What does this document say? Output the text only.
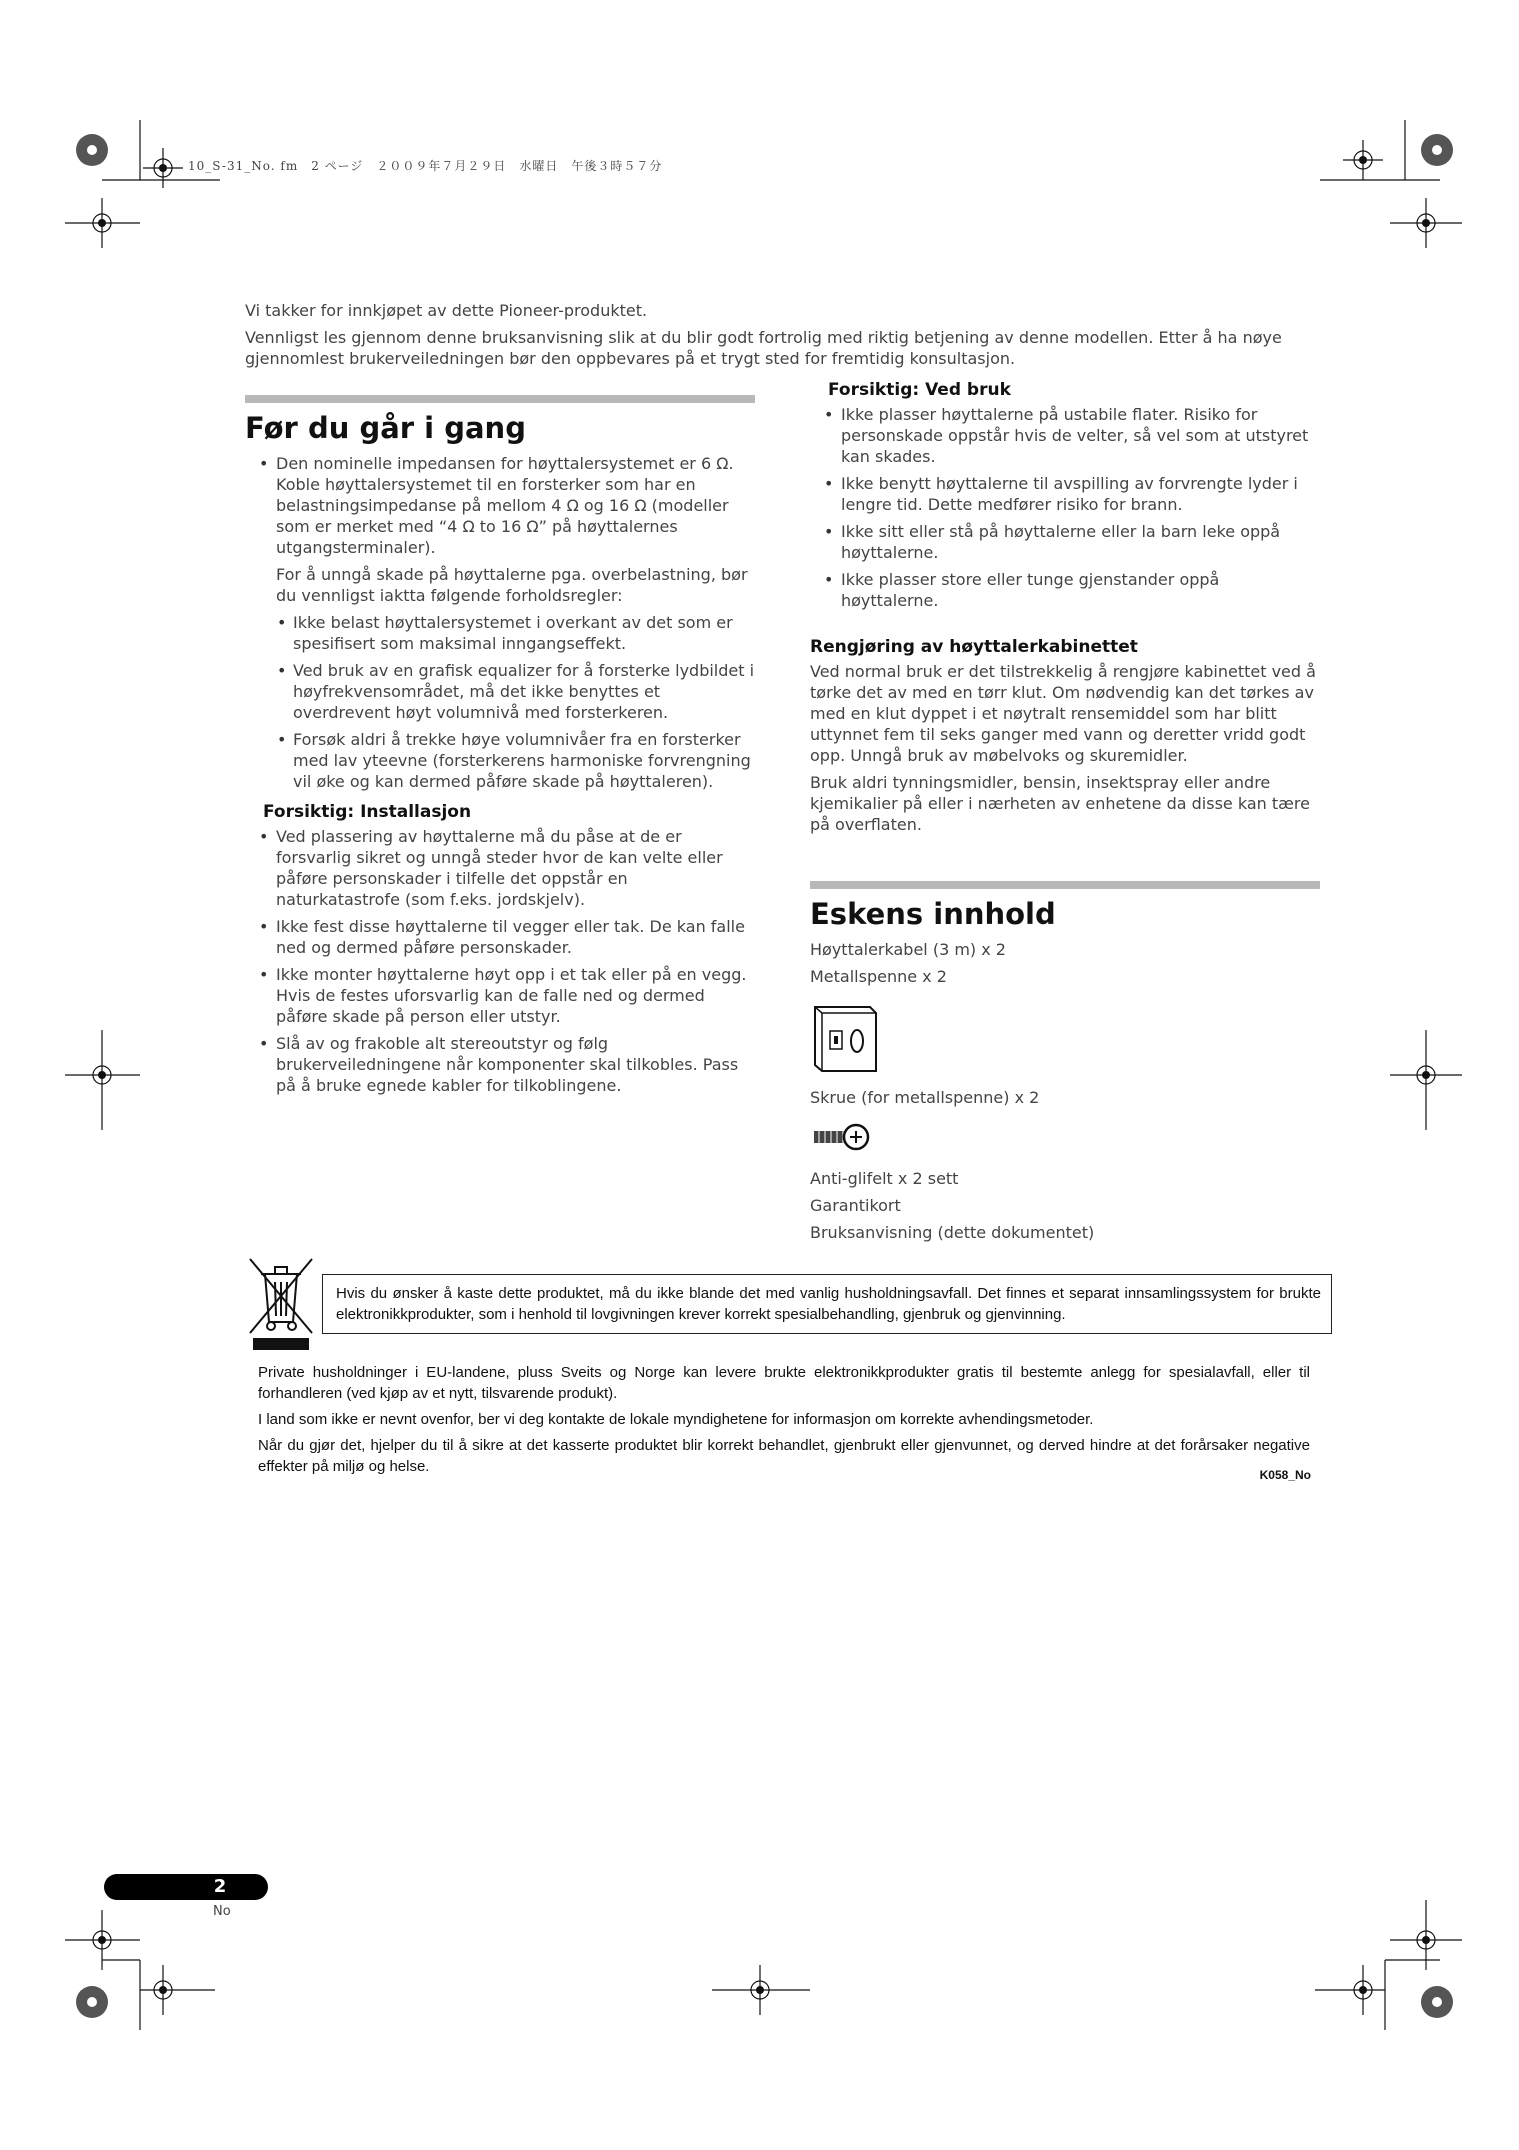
10_S-31_No. fm　2 ページ　２００９年７月２９日　水曜日　午後３時５７分

Vi takker for innkjøpet av dette Pioneer-produktet.

Vennligst les gjennom denne bruksanvisning slik at du blir godt fortrolig med riktig betjening av denne modellen. Etter å ha nøye gjennomlest brukerveiledningen bør den oppbevares på et trygt sted for fremtidig konsultasjon.

Før du går i gang
• Den nominelle impedansen for høyttalersystemet er 6 Ω. Koble høyttalersystemet til en forsterker som har en belastningsimpedanse på mellom 4 Ω og 16 Ω (modeller som er merket med “4 Ω to 16 Ω” på høyttalernes utgangsterminaler).

For å unngå skade på høyttalerne pga. overbelastning, bør du vennligst iaktta følgende forholdsregler:

• Ikke belast høyttalersystemet i overkant av det som er spesifisert som maksimal inngangseffekt.
• Ved bruk av en grafisk equalizer for å forsterke lydbildet i høyfrekvensområdet, må det ikke benyttes et overdrevent høyt volumnivå med forsterkeren.
• Forsøk aldri å trekke høye volumnivåer fra en forsterker med lav yteevne (forsterkerens harmoniske forvrengning vil øke og kan dermed påføre skade på høyttaleren).
Forsiktig: Installasjon
• Ved plassering av høyttalerne må du påse at de er forsvarlig sikret og unngå steder hvor de kan velte eller påføre personskader i tilfelle det oppstår en naturkatastrofe (som f.eks. jordskjelv).
• Ikke fest disse høyttalerne til vegger eller tak. De kan falle ned og dermed påføre personskader.
• Ikke monter høyttalerne høyt opp i et tak eller på en vegg. Hvis de festes uforsvarlig kan de falle ned og dermed påføre skade på person eller utstyr.
• Slå av og frakoble alt stereoutstyr og følg brukerveiledningene når komponenter skal tilkobles. Pass på å bruke egnede kabler for tilkoblingene.
Forsiktig: Ved bruk
• Ikke plasser høyttalerne på ustabile flater. Risiko for personskade oppstår hvis de velter, så vel som at utstyret kan skades.
• Ikke benytt høyttalerne til avspilling av forvrengte lyder i lengre tid. Dette medfører risiko for brann.
• Ikke sitt eller stå på høyttalerne eller la barn leke oppå høyttalerne.
• Ikke plasser store eller tunge gjenstander oppå høyttalerne.
Rengjøring av høyttalerkabinettet

Ved normal bruk er det tilstrekkelig å rengjøre kabinettet ved å tørke det av med en tørr klut. Om nødvendig kan det tørkes av med en klut dyppet i et nøytralt rensemiddel som har blitt uttynnet fem til seks ganger med vann og deretter vridd godt opp. Unngå bruk av møbelvoks og skuremidler.

Bruk aldri tynningsmidler, bensin, insektspray eller andre kjemikalier på eller i nærheten av enhetene da disse kan tære på overflaten.

Eskens innhold
Høyttalerkabel (3 m) x 2
Metallspenne x 2
Skrue (for metallspenne) x 2
Anti-glifelt x 2 sett
Garantikort
Bruksanvisning (dette dokumentet)
Hvis du ønsker å kaste dette produktet, må du ikke blande det med vanlig husholdningsavfall. Det finnes et separat innsamlingssystem for brukte elektronikkprodukter, som i henhold til lovgivningen krever korrekt spesialbehandling, gjenbruk og gjenvinning.

Private husholdninger i EU-landene, pluss Sveits og Norge kan levere brukte elektronikkprodukter gratis til bestemte anlegg for spesialavfall, eller til forhandleren (ved kjøp av et nytt, tilsvarende produkt).

I land som ikke er nevnt ovenfor, ber vi deg kontakte de lokale myndighetene for informasjon om korrekte avhendingsmetoder.

Når du gjør det, hjelper du til å sikre at det kasserte produktet blir korrekt behandlet, gjenbrukt eller gjenvunnet, og derved hindre at det forårsaker negative effekter på miljø og helse.	K058_No
2
No
